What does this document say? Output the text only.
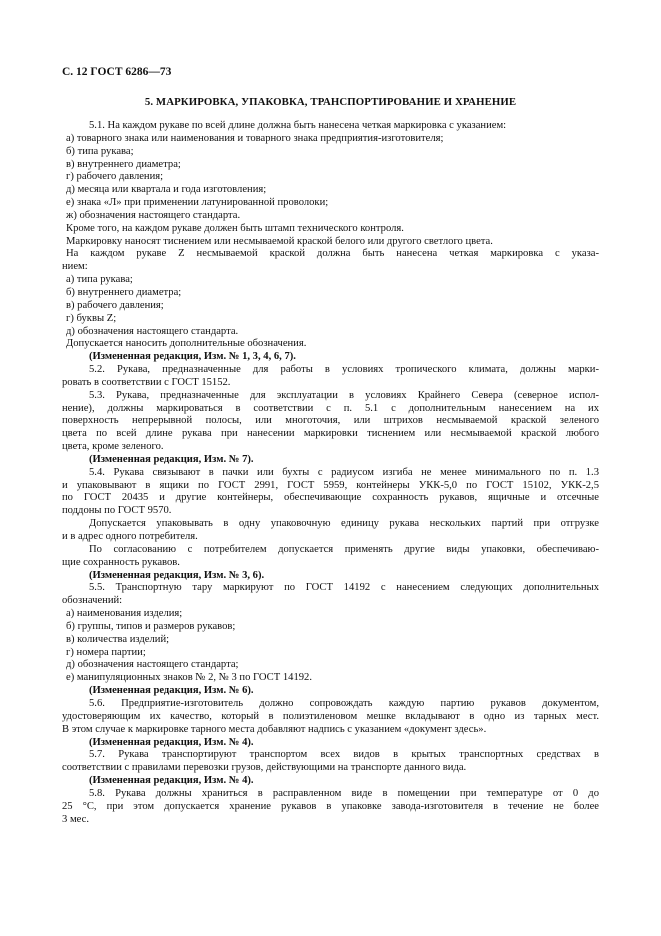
С. 12 ГОСТ 6286—73
5. МАРКИРОВКА, УПАКОВКА, ТРАНСПОРТИРОВАНИЕ И ХРАНЕНИЕ
5.1. На каждом рукаве по всей длине должна быть нанесена четкая маркировка с указанием:
а) товарного знака или наименования и товарного знака предприятия-изготовителя;
б) типа рукава;
в) внутреннего диаметра;
г) рабочего давления;
д) месяца или квартала и года изготовления;
е) знака «Л» при применении латунированной проволоки;
ж) обозначения настоящего стандарта.
Кроме того, на каждом рукаве должен быть штамп технического контроля.
Маркировку наносят тиснением или несмываемой краской белого или другого светлого цвета.
На каждом рукаве Z несмываемой краской должна быть нанесена четкая маркировка с указа-
нием:
а) типа рукава;
б) внутреннего диаметра;
в) рабочего давления;
г) буквы Z;
д) обозначения настоящего стандарта.
Допускается наносить дополнительные обозначения.
(Измененная редакция, Изм. № 1, 3, 4, 6, 7).
5.2. Рукава, предназначенные для работы в условиях тропического климата, должны марки-
ровать в соответствии с ГОСТ 15152.
5.3. Рукава, предназначенные для эксплуатации в условиях Крайнего Севера (северное испол-
нение), должны маркироваться в соответствии с п. 5.1 с дополнительным нанесением на их
поверхность непрерывной полосы, или многоточия, или штрихов несмываемой краской зеленого
цвета по всей длине рукава при нанесении маркировки тиснением или несмываемой краской любого
цвета, кроме зеленого.
(Измененная редакция, Изм. № 7).
5.4. Рукава связывают в пачки или бухты с радиусом изгиба не менее минимального по п. 1.3
и упаковывают в ящики по ГОСТ 2991, ГОСТ 5959, контейнеры УКК-5,0 по ГОСТ 15102, УКК-2,5
по ГОСТ 20435 и другие контейнеры, обеспечивающие сохранность рукавов, ящичные и отсечные
поддоны по ГОСТ 9570.
Допускается упаковывать в одну упаковочную единицу рукава нескольких партий при отгрузке
и в адрес одного потребителя.
По согласованию с потребителем допускается применять другие виды упаковки, обеспечиваю-
щие сохранность рукавов.
(Измененная редакция, Изм. № 3, 6).
5.5. Транспортную тару маркируют по ГОСТ 14192 с нанесением следующих дополнительных
обозначений:
а) наименования изделия;
б) группы, типов и размеров рукавов;
в) количества изделий;
г) номера партии;
д) обозначения настоящего стандарта;
е) манипуляционных знаков № 2, № 3 по ГОСТ 14192.
(Измененная редакция, Изм. № 6).
5.6. Предприятие-изготовитель должно сопровождать каждую партию рукавов документом,
удостоверяющим их качество, который в полиэтиленовом мешке вкладывают в одно из тарных мест.
В этом случае к маркировке тарного места добавляют надпись с указанием «документ здесь».
(Измененная редакция, Изм. № 4).
5.7. Рукава транспортируют транспортом всех видов в крытых транспортных средствах в
соответствии с правилами перевозки грузов, действующими на транспорте данного вида.
(Измененная редакция, Изм. № 4).
5.8. Рукава должны храниться в расправленном виде в помещении при температуре от 0 до
25 °С, при этом допускается хранение рукавов в упаковке завода-изготовителя в течение не более
3 мес.
